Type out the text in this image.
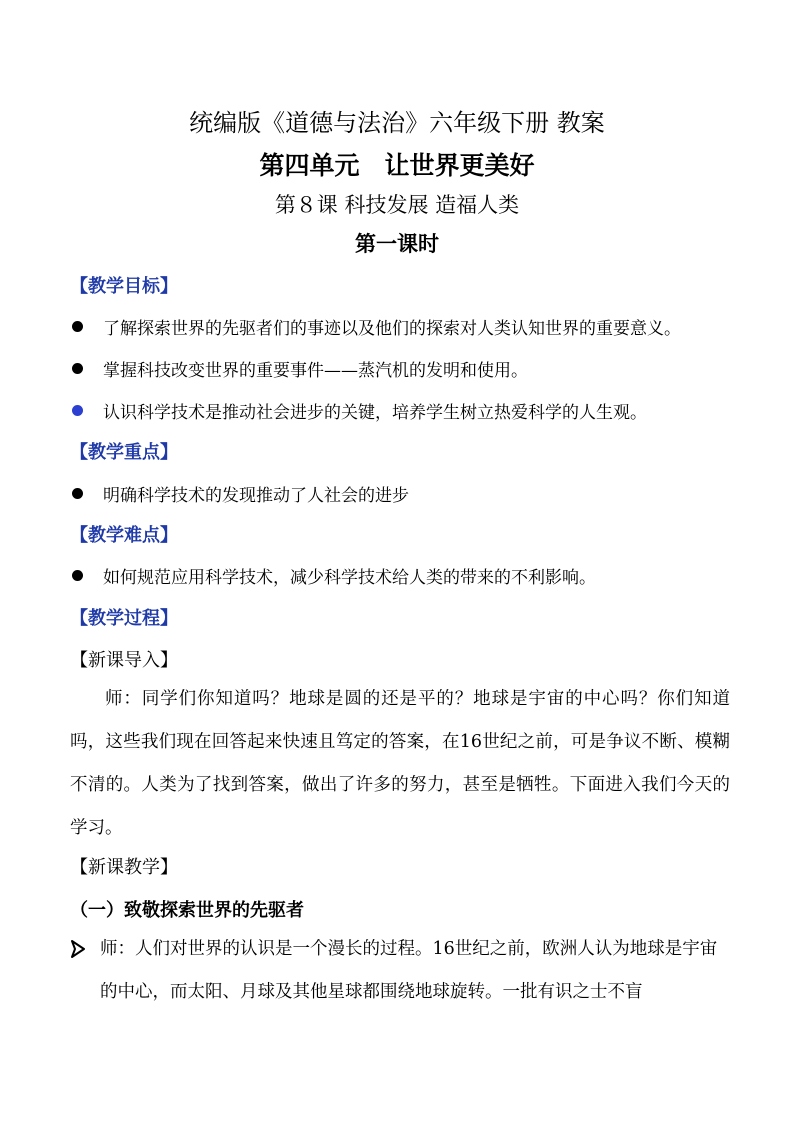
统编版《道德与法治》六年级下册 教案
第四单元　让世界更美好
第８课 科技发展 造福人类
第一课时
【教学目标】
了解探索世界的先驱者们的事迹以及他们的探索对人类认知世界的重要意义。
掌握科技改变世界的重要事件——蒸汽机的发明和使用。
认识科学技术是推动社会进步的关键，培养学生树立热爱科学的人生观。
【教学重点】
明确科学技术的发现推动了人社会的进步
【教学难点】
如何规范应用科学技术，减少科学技术给人类的带来的不利影响。
【教学过程】
【新课导入】
师：同学们你知道吗？地球是圆的还是平的？地球是宇宙的中心吗？你们知道吗，这些我们现在回答起来快速且笃定的答案，在16世纪之前，可是争议不断、模糊不清的。人类为了找到答案，做出了许多的努力，甚至是牺牲。下面进入我们今天的学习。
【新课教学】
（一）致敬探索世界的先驱者
师：人们对世界的认识是一个漫长的过程。16世纪之前，欧洲人认为地球是宇宙的中心，而太阳、月球及其他星球都围绕地球旋转。一批有识之士不盲
